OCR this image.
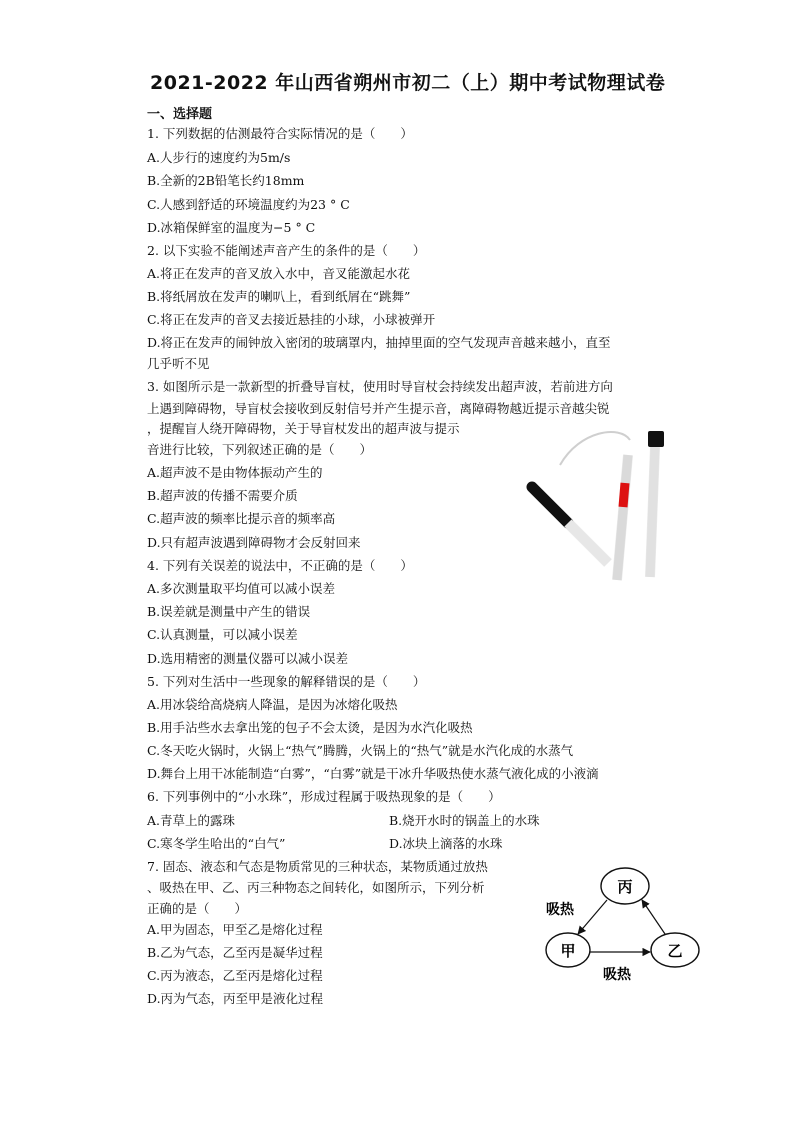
2021-2022 年山西省朔州市初二（上）期中考试物理试卷
一、选择题
1. 下列数据的估测最符合实际情况的是（　　）
A.人步行的速度约为5m/s
B.全新的2B铅笔长约18mm
C.人感到舒适的环境温度约为23 ° C
D.冰箱保鲜室的温度为−5 ° C
2. 以下实验不能阐述声音产生的条件的是（　　）
A.将正在发声的音叉放入水中，音叉能激起水花
B.将纸屑放在发声的喇叭上，看到纸屑在“跳舞”
C.将正在发声的音叉去接近悬挂的小球，小球被弹开
D.将正在发声的闹钟放入密闭的玻璃罩内，抽掉里面的空气发现声音越来越小，直至
几乎听不见
3. 如图所示是一款新型的折叠导盲杖，使用时导盲杖会持续发出超声波，若前进方向
上遇到障碍物，导盲杖会接收到反射信号并产生提示音，离障碍物越近提示音越尖锐
，提醒盲人绕开障碍物，关于导盲杖发出的超声波与提示
音进行比较，下列叙述正确的是（　　）
A.超声波不是由物体振动产生的
B.超声波的传播不需要介质
C.超声波的频率比提示音的频率高
D.只有超声波遇到障碍物才会反射回来
4. 下列有关误差的说法中，不正确的是（　　）
A.多次测量取平均值可以减小误差
B.误差就是测量中产生的错误
C.认真测量，可以减小误差
D.选用精密的测量仪器可以减小误差
5. 下列对生活中一些现象的解释错误的是（　　）
A.用冰袋给高烧病人降温，是因为冰熔化吸热
B.用手沾些水去拿出笼的包子不会太烫，是因为水汽化吸热
C.冬天吃火锅时，火锅上“热气”腾腾，火锅上的“热气”就是水汽化成的水蒸气
D.舞台上用干冰能制造“白雾”，“白雾”就是干冰升华吸热使水蒸气液化成的小液滴
6. 下列事例中的“小水珠”，形成过程属于吸热现象的是（　　）
A.青草上的露珠	B.烧开水时的锅盖上的水珠
C.寒冬学生哈出的“白气”	D.冰块上滴落的水珠
7. 固态、液态和气态是物质常见的三种状态，某物质通过放热
、吸热在甲、乙、丙三种物态之间转化，如图所示，下列分析
正确的是（　　）
A.甲为固态，甲至乙是熔化过程
B.乙为气态，乙至丙是凝华过程
C.丙为液态，乙至丙是熔化过程
D.丙为气态，丙至甲是液化过程
丙
甲	乙
吸热
吸热
